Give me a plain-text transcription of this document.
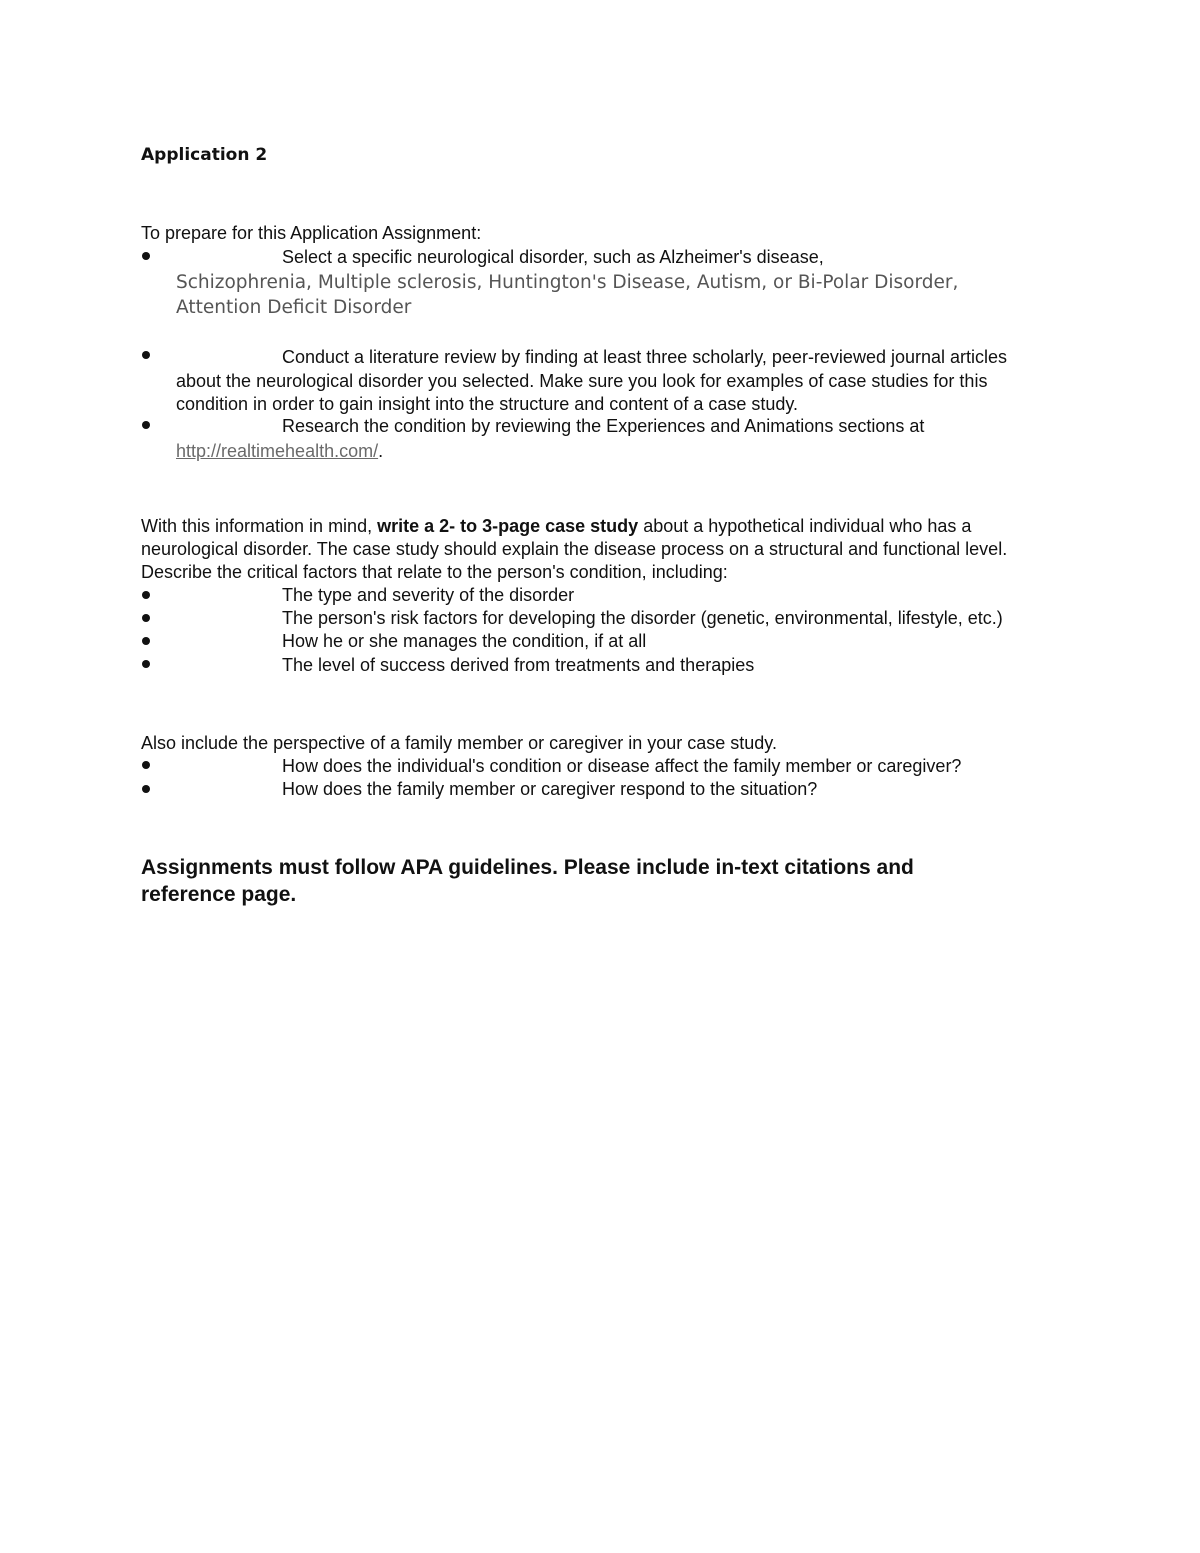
Application 2
To prepare for this Application Assignment:
Select a specific neurological disorder, such as Alzheimer's disease,
Schizophrenia, Multiple sclerosis, Huntington's Disease, Autism, or Bi-Polar Disorder,
Attention Deficit Disorder
Conduct a literature review by finding at least three scholarly, peer-reviewed journal articles
about the neurological disorder you selected. Make sure you look for examples of case studies for this
condition in order to gain insight into the structure and content of a case study.
Research the condition by reviewing the Experiences and Animations sections at
http://realtimehealth.com/.
With this information in mind, write a 2- to 3-page case study about a hypothetical individual who has a
neurological disorder. The case study should explain the disease process on a structural and functional level.
Describe the critical factors that relate to the person's condition, including:
The type and severity of the disorder
The person's risk factors for developing the disorder (genetic, environmental, lifestyle, etc.)
How he or she manages the condition, if at all
The level of success derived from treatments and therapies
Also include the perspective of a family member or caregiver in your case study.
How does the individual's condition or disease affect the family member or caregiver?
How does the family member or caregiver respond to the situation?
Assignments must follow APA guidelines. Please include in-text citations and
reference page.
